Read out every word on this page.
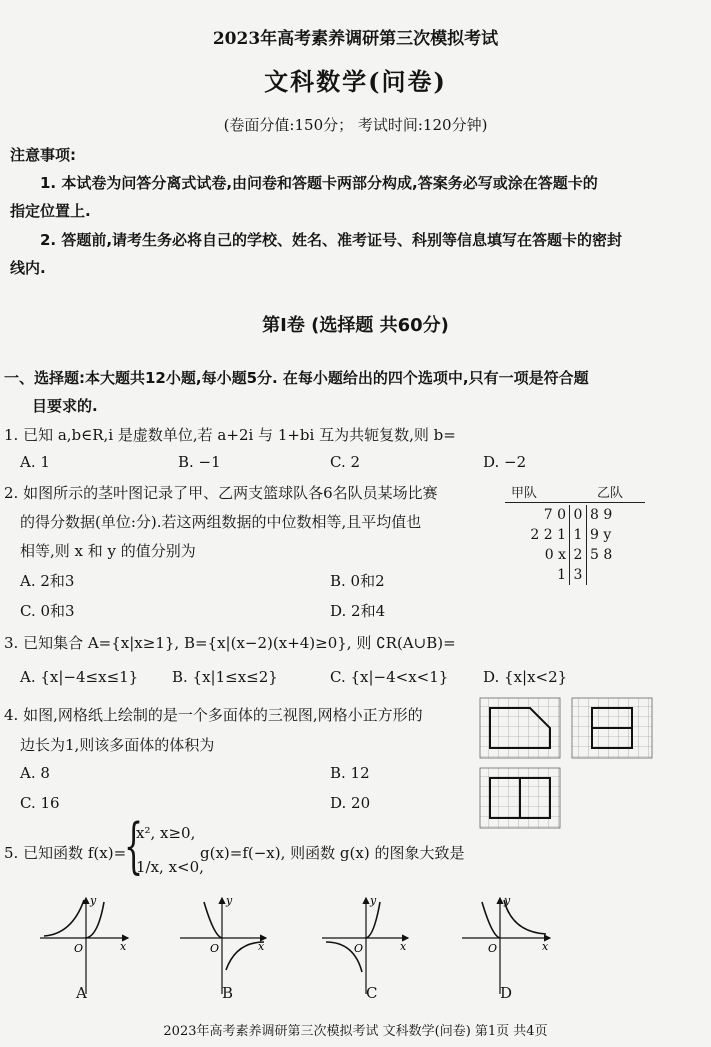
2023年高考素养调研第三次模拟考试
文科数学(问卷)
(卷面分值:150分； 考试时间:120分钟)
注意事项:
1. 本试卷为问答分离式试卷,由问卷和答题卡两部分构成,答案务必写或涂在答题卡的
指定位置上.
2. 答题前,请考生务必将自己的学校、姓名、准考证号、科别等信息填写在答题卡的密封
线内.
第Ⅰ卷 (选择题 共60分)
一、选择题:本大题共12小题,每小题5分. 在每小题给出的四个选项中,只有一项是符合题
目要求的.
1. 已知 a,b∈R,i 是虚数单位,若 a+2i 与 1+bi 互为共轭复数,则 b=
A. 1	B. −1	C. 2	D. −2
2. 如图所示的茎叶图记录了甲、乙两支篮球队各6名队员某场比赛
的得分数据(单位:分).若这两组数据的中位数相等,且平均值也
相等,则 x 和 y 的值分别为
A. 2和3	B. 0和2
C. 0和3	D. 2和4
甲队	乙队
7 0	0	8 9
2 2 1	1	9 y
0 x	2	5 8
1	3	
3. 已知集合 A={x|x≥1}, B={x|(x−2)(x+4)≥0}, 则 ∁R(A∪B)=
A. {x|−4≤x≤1} B. {x|1≤x≤2}	C. {x|−4<x<1} D. {x|x<2}
4. 如图,网格纸上绘制的是一个多面体的三视图,网格小正方形的
边长为1,则该多面体的体积为
A. 8	B. 12
C. 16	D. 20
5. 已知函数 f(x)=
{
x², x≥0,
1/x, x<0,
g(x)=f(−x), 则函数 g(x) 的图象大致是
x
y
O	x
y
O	x
y
O	x
y
O
A	B	C	D
2023年高考素养调研第三次模拟考试 文科数学(问卷) 第1页 共4页
